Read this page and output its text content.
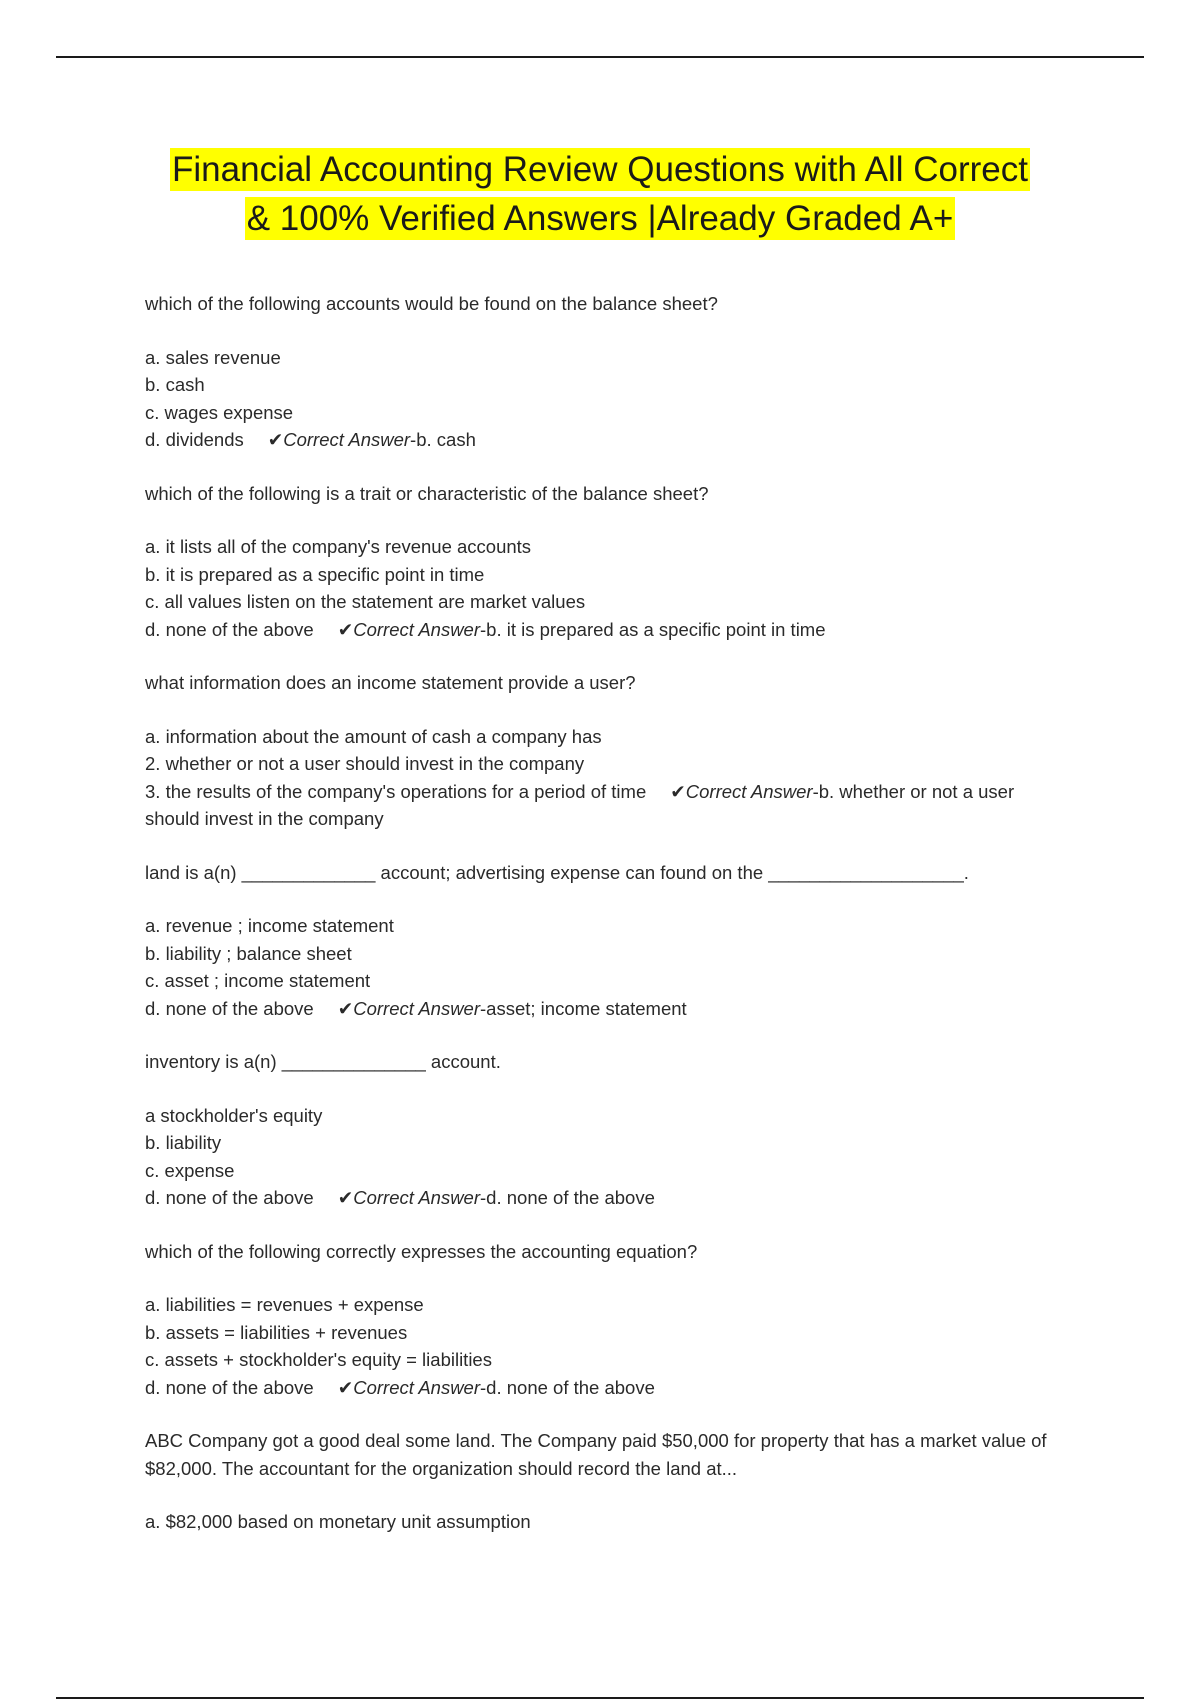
Financial Accounting Review Questions with All Correct
& 100% Verified Answers |Already Graded A+
which of the following accounts would be found on the balance sheet?
a. sales revenue
b. cash
c. wages expense
d. dividends ✔Correct Answer-b. cash
which of the following is a trait or characteristic of the balance sheet?
a. it lists all of the company's revenue accounts
b. it is prepared as a specific point in time
c. all values listen on the statement are market values
d. none of the above ✔Correct Answer-b. it is prepared as a specific point in time
what information does an income statement provide a user?
a. information about the amount of cash a company has
2. whether or not a user should invest in the company
3. the results of the company's operations for a period of time ✔Correct Answer-b. whether or not a user should invest in the company
land is a(n) _____________ account; advertising expense can found on the ___________________.
a. revenue ; income statement
b. liability ; balance sheet
c. asset ; income statement
d. none of the above ✔Correct Answer-asset; income statement
inventory is a(n) ______________ account.
a stockholder's equity
b. liability
c. expense
d. none of the above ✔Correct Answer-d. none of the above
which of the following correctly expresses the accounting equation?
a. liabilities = revenues + expense
b. assets = liabilities + revenues
c. assets + stockholder's equity = liabilities
d. none of the above ✔Correct Answer-d. none of the above
ABC Company got a good deal some land. The Company paid $50,000 for property that has a market value of $82,000. The accountant for the organization should record the land at...
a. $82,000 based on monetary unit assumption
